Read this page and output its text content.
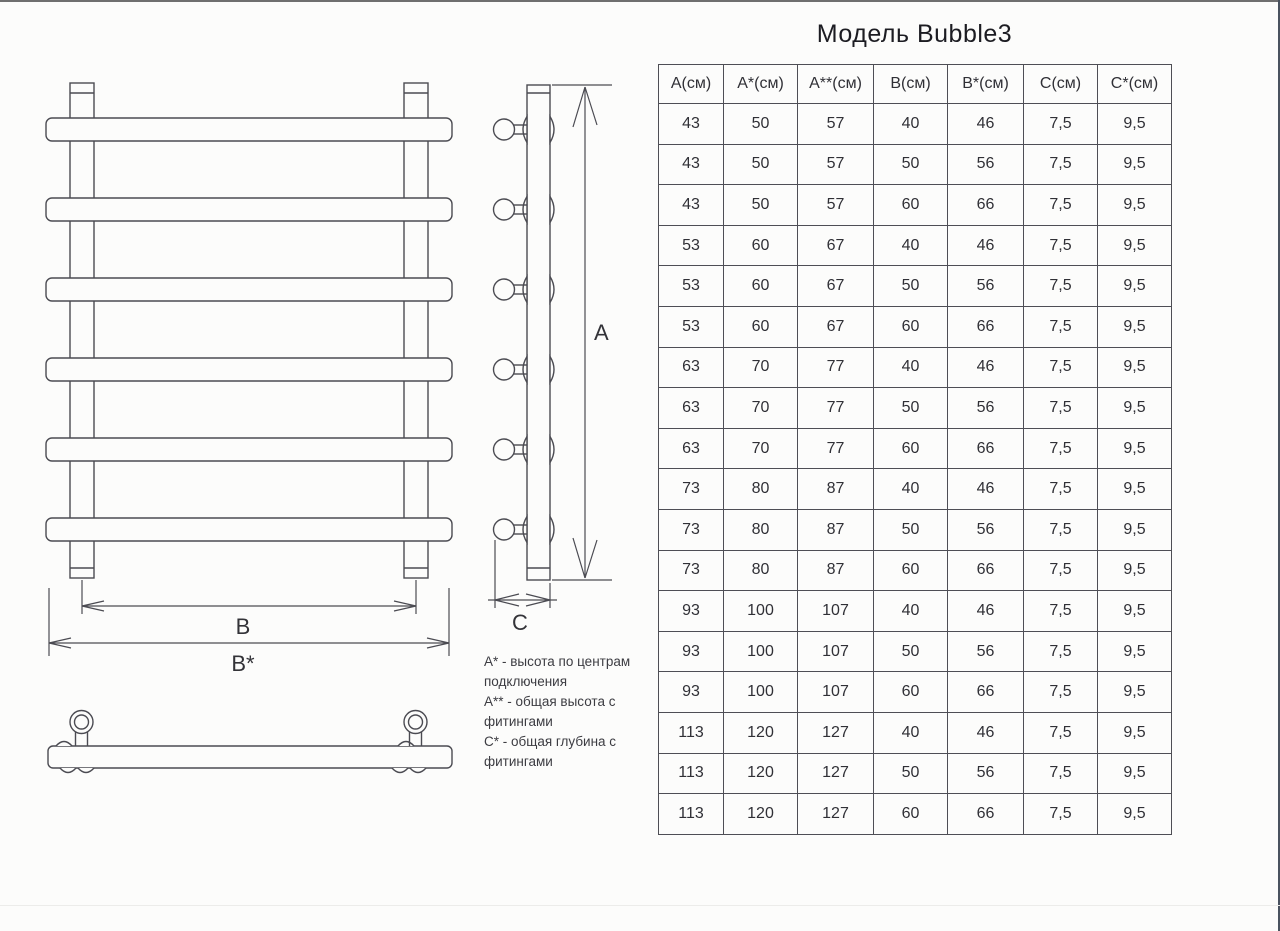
В
В*
А
С
А* - высота по центрам подключения
А** - общая высота с фитингами
С* - общая глубина с фитингами
Модель Bubble3
А(см)	А*(см)	А**(см)	В(см)	В*(см)	С(см)	С*(см)
43	50	57	40	46	7,5	9,5
43	50	57	50	56	7,5	9,5
43	50	57	60	66	7,5	9,5
53	60	67	40	46	7,5	9,5
53	60	67	50	56	7,5	9,5
53	60	67	60	66	7,5	9,5
63	70	77	40	46	7,5	9,5
63	70	77	50	56	7,5	9,5
63	70	77	60	66	7,5	9,5
73	80	87	40	46	7,5	9,5
73	80	87	50	56	7,5	9,5
73	80	87	60	66	7,5	9,5
93	100	107	40	46	7,5	9,5
93	100	107	50	56	7,5	9,5
93	100	107	60	66	7,5	9,5
113	120	127	40	46	7,5	9,5
113	120	127	50	56	7,5	9,5
113	120	127	60	66	7,5	9,5
